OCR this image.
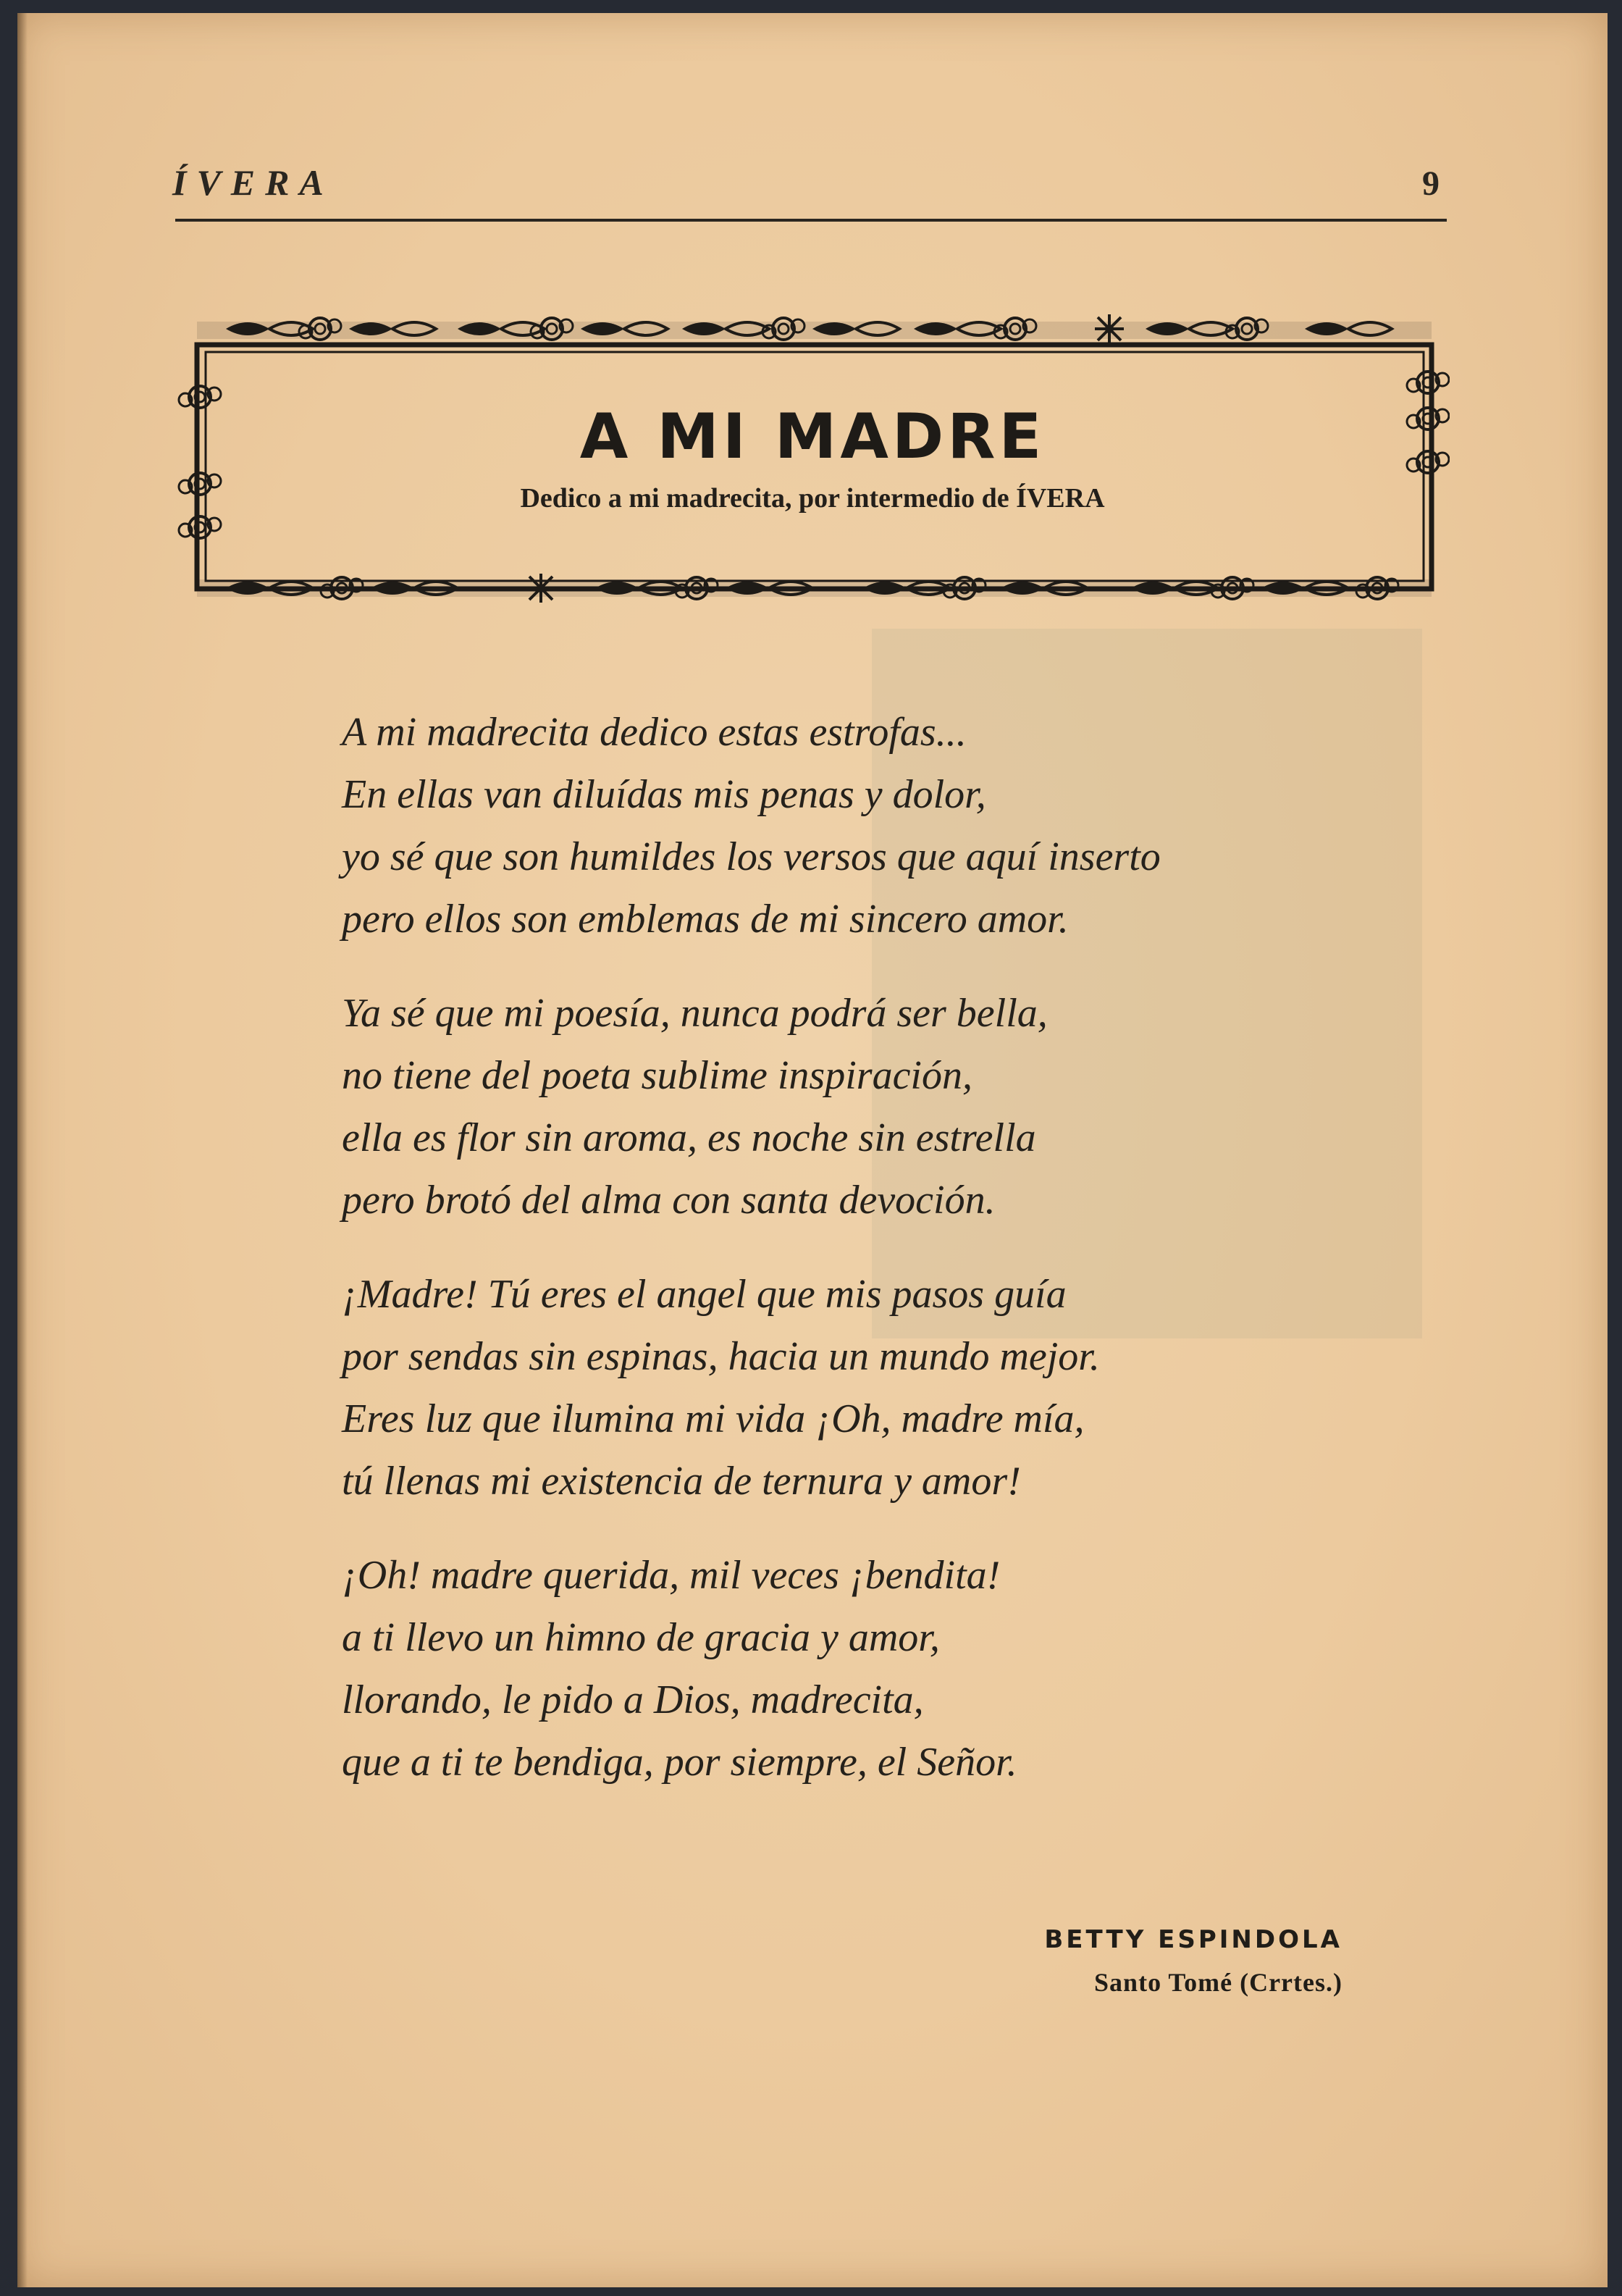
ÍVERA	9
A MI MADRE
Dedico a mi madrecita, por intermedio de ÍVERA
A mi madrecita dedico estas estrofas...
En ellas van diluídas mis penas y dolor,
yo sé que son humildes los versos que aquí inserto
pero ellos son emblemas de mi sincero amor.
Ya sé que mi poesía, nunca podrá ser bella,
no tiene del poeta sublime inspiración,
ella es flor sin aroma, es noche sin estrella
pero brotó del alma con santa devoción.
¡Madre! Tú eres el angel que mis pasos guía
por sendas sin espinas, hacia un mundo mejor.
Eres luz que ilumina mi vida ¡Oh, madre mía,
tú llenas mi existencia de ternura y amor!
¡Oh! madre querida, mil veces ¡bendita!
a ti llevo un himno de gracia y amor,
llorando, le pido a Dios, madrecita,
que a ti te bendiga, por siempre, el Señor.
BETTY ESPINDOLA
Santo Tomé (Crrtes.)
